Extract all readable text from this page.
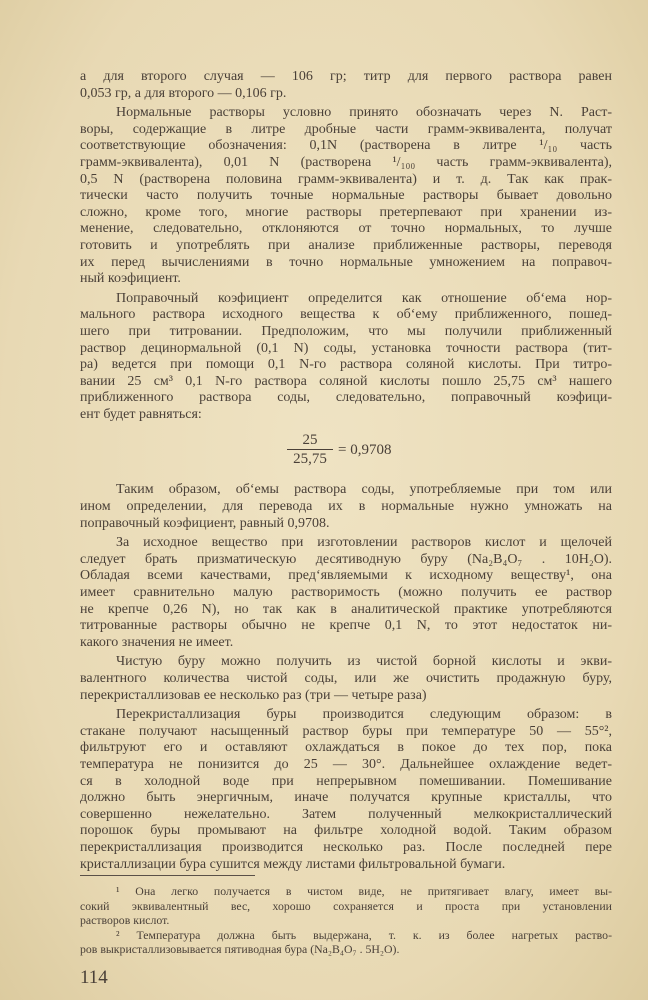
а для второго случая — 106 гр; титр для первого раствора равен
0,053 гр, а для второго — 0,106 гр.
Нормальные растворы условно принято обозначать через N. Раст-
воры, содержащие в литре дробные части грамм-эквивалента, получат
соответствующие обозначения: 0,1N (растворена в литре ¹/₁₀ часть
грамм-эквивалента), 0,01 N (растворена ¹/₁₀₀ часть грамм-эквивалента),
0,5 N (растворена половина грамм-эквивалента) и т. д. Так как прак-
тически часто получить точные нормальные растворы бывает довольно
сложно, кроме того, многие растворы претерпевают при хранении из-
менение, следовательно, отклоняются от точно нормальных, то лучше
готовить и употреблять при анализе приближенные растворы, переводя
их перед вычислениями в точно нормальные умножением на поправоч-
ный коэфициент.
Поправочный коэфициент определится как отношение об‘ема нор-
мального раствора исходного вещества к об‘ему приближенного, пошед-
шего при титровании. Предположим, что мы получили приближенный
раствор децинормальной (0,1 N) соды, установка точности раствора (тит-
ра) ведется при помощи 0,1 N-го раствора соляной кислоты. При титро-
вании 25 см³ 0,1 N-го раствора соляной кислоты пошло 25,75 см³ нашего
приближенного раствора соды, следовательно, поправочный коэфици-
ент будет равняться:
$\frac{25}{25,75} = 0,9708$
Таким образом, об‘емы раствора соды, употребляемые при том или
ином определении, для перевода их в нормальные нужно умножать на
поправочный коэфициент, равный 0,9708.
За исходное вещество при изготовлении растворов кислот и щелочей
следует брать призматическую десятиводную буру (Na₂B₄O₇ . 10H₂O).
Обладая всеми качествами, пред‘являемыми к исходному веществу¹, она
имеет сравнительно малую растворимость (можно получить ее раствор
не крепче 0,26 N), но так как в аналитической практике употребляются
титрованные растворы обычно не крепче 0,1 N, то этот недостаток ни-
какого значения не имеет.
Чистую буру можно получить из чистой борной кислоты и экви-
валентного количества чистой соды, или же очистить продажную буру,
перекристаллизовав ее несколько раз (три — четыре раза)
Перекристаллизация буры производится следующим образом: в
стакане получают насыщенный раствор буры при температуре 50 — 55°²,
фильтруют его и оставляют охлаждаться в покое до тех пор, пока
температура не понизится до 25 — 30°. Дальнейшее охлаждение ведет-
ся в холодной воде при непрерывном помешивании. Помешивание
должно быть энергичным, иначе получатся крупные кристаллы, что
совершенно нежелательно. Затем полученный мелкокристаллический
порошок буры промывают на фильтре холодной водой. Таким образом
перекристаллизация производится несколько раз. После последней пере
кристаллизации бура сушится между листами фильтровальной бумаги.
¹ Она легко получается в чистом виде, не притягивает влагу, имеет вы-
сокий эквивалентный вес, хорошо сохраняется и проста при установлении
растворов кислот.
² Температура должна быть выдержана, т. к. из более нагретых раство-
ров выкристаллизовывается пятиводная бура (Na₂B₄O₇ . 5H₂O).
114
